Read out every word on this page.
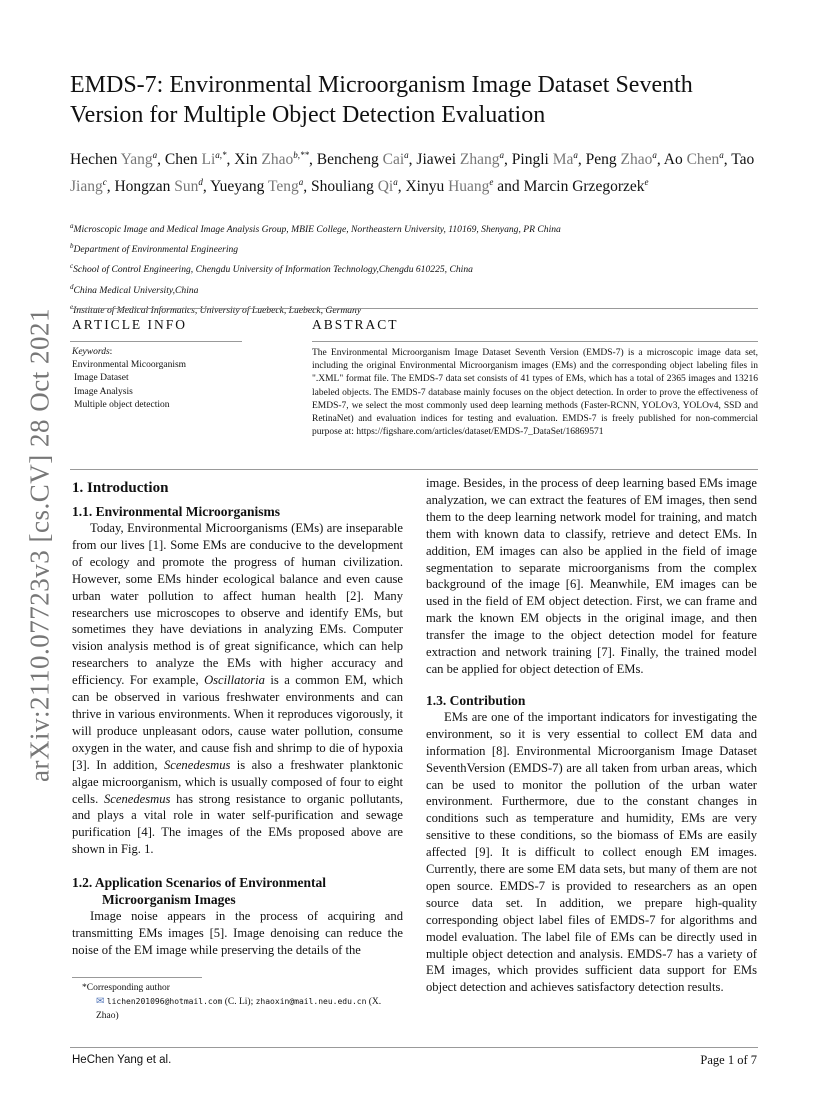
arXiv:2110.07723v3 [cs.CV] 28 Oct 2021
EMDS-7: Environmental Microorganism Image Dataset Seventh Version for Multiple Object Detection Evaluation
Hechen Yang$^a$, Chen $Li^{a,*}$, Xin Zhao$^{b,**}$, Bencheng Cai$^a$, Jiawei Zhang$^a$, Pingli Ma$^a$, Peng Zhao$^a$, Ao Chen$^a$, Tao Jiang$^c$, Hongzan Sun$^d$, Yueyang Teng$^a$, Shouliang Qi$^a$, Xinyu Huang$^e$ and Marcin Grzegorzek$^e$
$^a$Microscopic Image and Medical Image Analysis Group, MBIE College, Northeastern University, 110169, Shenyang, PR China
$^b$Department of Environmental Engineering
$^c$School of Control Engineering, Chengdu University of Information Technology,Chengdu 610225, China
$^d$China Medical University,China
$^e$Institute of Medical Informatics, University of Luebeck, Luebeck, Germany
ARTICLE INFO
Keywords:
Environmental Micoorganism
Image Dataset
Image Analysis
Multiple object detection
ABSTRACT
The Environmental Microorganism Image Dataset Seventh Version (EMDS-7) is a microscopic image data set, including the original Environmental Microorganism images (EMs) and the corresponding object labeling files in ".XML" format file. The EMDS-7 data set consists of 41 types of EMs, which has a total of 2365 images and 13216 labeled objects. The EMDS-7 database mainly focuses on the object detection. In order to prove the effectiveness of EMDS-7, we select the most commonly used deep learning methods (Faster-RCNN, YOLOv3, YOLOv4, SSD and RetinaNet) and evaluation indices for testing and evaluation. EMDS-7 is freely published for non-commercial purpose at: https://figshare.com/articles/dataset/EMDS-7_DataSet/16869571
1. Introduction
1.1. Environmental Microorganisms

Today, Environmental Microorganisms (EMs) are inseparable from our lives [1]. Some EMs are conducive to the development of ecology and promote the progress of human civilization. However, some EMs hinder ecological balance and even cause urban water pollution to affect human health [2]. Many researchers use microscopes to observe and identify EMs, but sometimes they have deviations in analyzing EMs. Computer vision analysis method is of great significance, which can help researchers to analyze the EMs with higher accuracy and efficiency. For example, Oscillatoria is a common EM, which can be observed in various freshwater environments and can thrive in various environments. When it reproduces vigorously, it will produce unpleasant odors, cause water pollution, consume oxygen in the water, and cause fish and shrimp to die of hypoxia [3]. In addition, Scenedesmus is also a freshwater planktonic algae microorganism, which is usually composed of four to eight cells. Scenedesmus has strong resistance to organic pollutants, and plays a vital role in water self-purification and sewage purification [4]. The images of the EMs proposed above are shown in Fig. 1.

1.2. Application Scenarios of Environmental Microorganism Images

Image noise appears in the process of acquiring and transmitting EMs images [5]. Image denoising can reduce the noise of the EM image while preserving the details of the

*Corresponding author
✉ lichen201096@hotmail.com (C. Li); zhaoxin@mail.neu.edu.cn (X. Zhao)

image. Besides, in the process of deep learning based EMs image analyzation, we can extract the features of EM images, then send them to the deep learning network model for training, and match them with known data to classify, retrieve and detect EMs. In addition, EM images can also be applied in the field of image segmentation to separate microorganisms from the complex background of the image [6]. Meanwhile, EM images can be used in the field of EM object detection. First, we can frame and mark the known EM objects in the original image, and then transfer the image to the object detection model for feature extraction and network training [7]. Finally, the trained model can be applied for object detection of EMs.

1.3. Contribution

EMs are one of the important indicators for investigating the environment, so it is very essential to collect EM data and information [8]. Environmental Microorganism Image Dataset SeventhVersion (EMDS-7) are all taken from urban areas, which can be used to monitor the pollution of the urban water environment. Furthermore, due to the constant changes in conditions such as temperature and humidity, EMs are very sensitive to these conditions, so the biomass of EMs are easily affected [9]. It is difficult to collect enough EM images. Currently, there are some EM data sets, but many of them are not open source. EMDS-7 is provided to researchers as an open source data set. In addition, we prepare high-quality corresponding object label files of EMDS-7 for algorithms and model evaluation. The label file of EMs can be directly used in multiple object detection and analysis. EMDS-7 has a variety of EM images, which provides sufficient data support for EMs object detection and achieves satisfactory detection results.

HeChen Yang et al.	Page 1 of 7
